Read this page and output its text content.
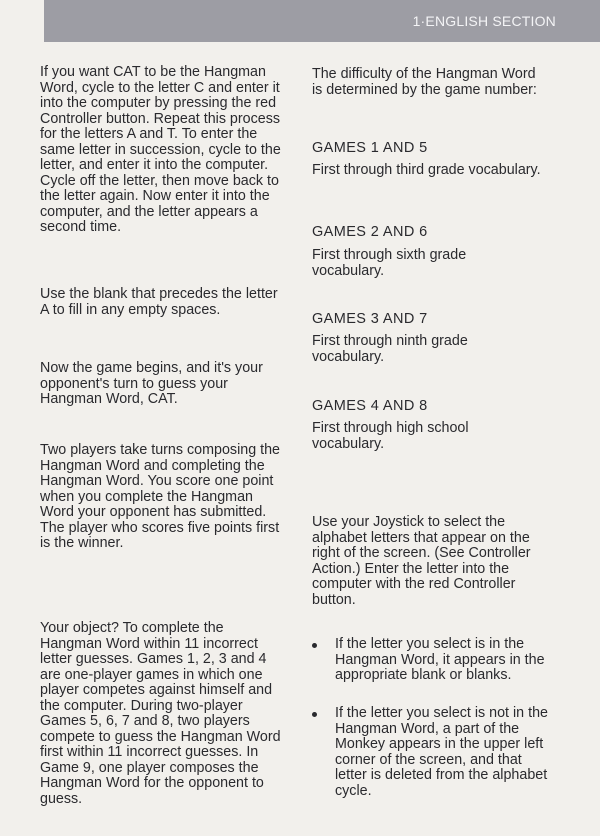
1·ENGLISH SECTION

If you want CAT to be the Hangman Word, cycle to the letter C and enter it into the computer by pressing the red Controller button. Repeat this process for the letters A and T. To enter the same letter in succession, cycle to the letter, and enter it into the computer. Cycle off the letter, then move back to the letter again. Now enter it into the computer, and the letter appears a second time.

Use the blank that precedes the letter A to fill in any empty spaces.

Now the game begins, and it's your opponent's turn to guess your Hangman Word, CAT.

Two players take turns composing the Hangman Word and completing the Hangman Word. You score one point when you complete the Hangman Word your opponent has submitted. The player who scores five points first is the winner.

Your object? To complete the Hangman Word within 11 incorrect letter guesses. Games 1, 2, 3 and 4 are one-player games in which one player competes against himself and the computer. During two-player Games 5, 6, 7 and 8, two players compete to guess the Hangman Word first within 11 incorrect guesses. In Game 9, one player composes the Hangman Word for the opponent to guess.

The difficulty of the Hangman Word is determined by the game number:

GAMES 1 AND 5

First through third grade vocabulary.

GAMES 2 AND 6

First through sixth grade vocabulary.

GAMES 3 AND 7

First through ninth grade vocabulary.

GAMES 4 AND 8

First through high school vocabulary.

Use your Joystick to select the alphabet letters that appear on the right of the screen. (See Controller Action.) Enter the letter into the computer with the red Controller button.

If the letter you select is in the Hangman Word, it appears in the appropriate blank or blanks.

If the letter you select is not in the Hangman Word, a part of the Monkey appears in the upper left corner of the screen, and that letter is deleted from the alphabet cycle.
